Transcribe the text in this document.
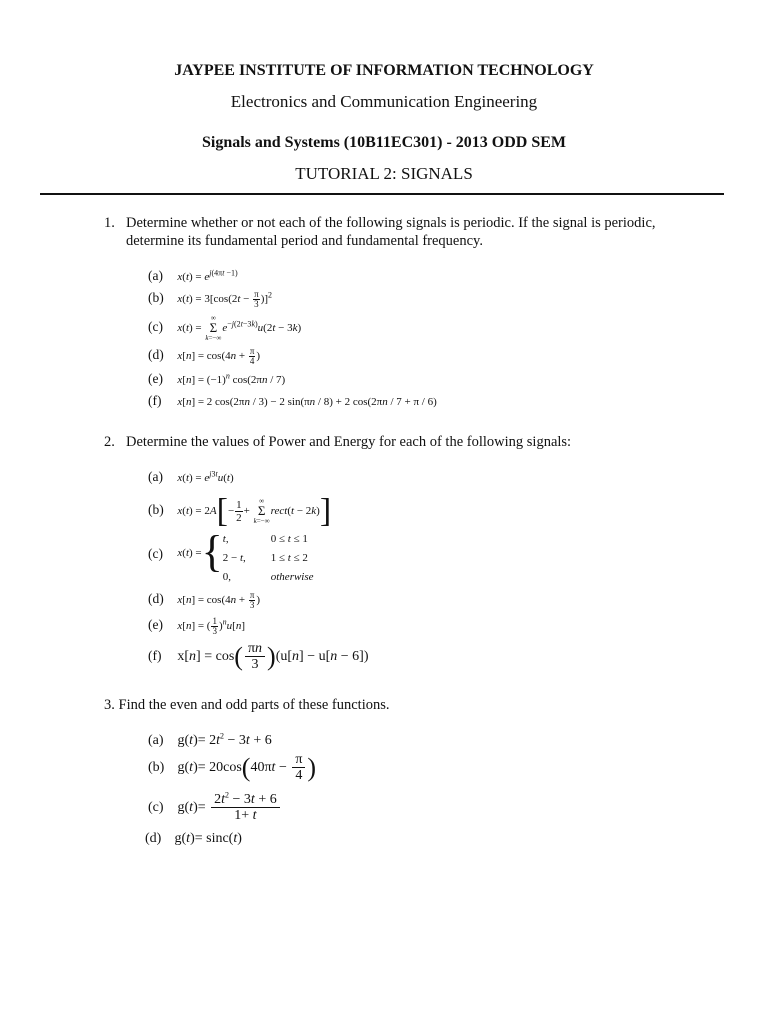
JAYPEE INSTITUTE OF INFORMATION TECHNOLOGY
Electronics and Communication Engineering
Signals and Systems (10B11EC301) - 2013 ODD SEM
TUTORIAL 2: SIGNALS
1. Determine whether or not each of the following signals is periodic. If the signal is periodic,
determine its fundamental period and fundamental frequency.
(a) $x(t) = e^{j(4\pi t -1)}$
(b) $x(t) = 3[\cos(2t - \frac{\pi}{3} )]^2$
(c) x(t) =
∞
Σ
k=−∞
$e^{-j(2t-3k)}u(2t - 3k)$
(d) $x[n] = \cos(4n + \frac{\pi}{4}$ )
(e) $x[n] = (-1)^n$ cos(2πn / 7)
(f) x[n] = 2 cos(2πn / 3) − 2 sin(πn / 8) + 2 cos(2πn / 7 + π / 6)
2. Determine the values of Power and Energy for each of the following signals:
(a) $x(t) = e^{j3t}u(t)$
(b) $x(t) = 2A[- \frac{1}{2}$ +
∞
Σ
k=−∞
rect(t − 2k)]
(c) x(t) ={t,	0 ≤ t ≤ 1
2 − t, 1 ≤ t ≤ 2
0,	otherwise
(d) $x[n] = \cos(4n + \frac{\pi}{3}$ )
(e) x[n] = ( $\frac{1}{3} )^nu[n]$
(f) $x[n] = \cos( \frac{\pi n}{3} )(u[n] - u[n - 6])$
3. Find the even and odd parts of these functions.
(a) $g(t)= 2t^2 - 3t + 6$
(b) $g(t)= 20\cos(40\pi t - \frac{\pi}{4}$ )
(c) $g(t)= \frac{2t^2 - 3t + 6}{1+ t}$
(d) g(t)= sinc(t)
